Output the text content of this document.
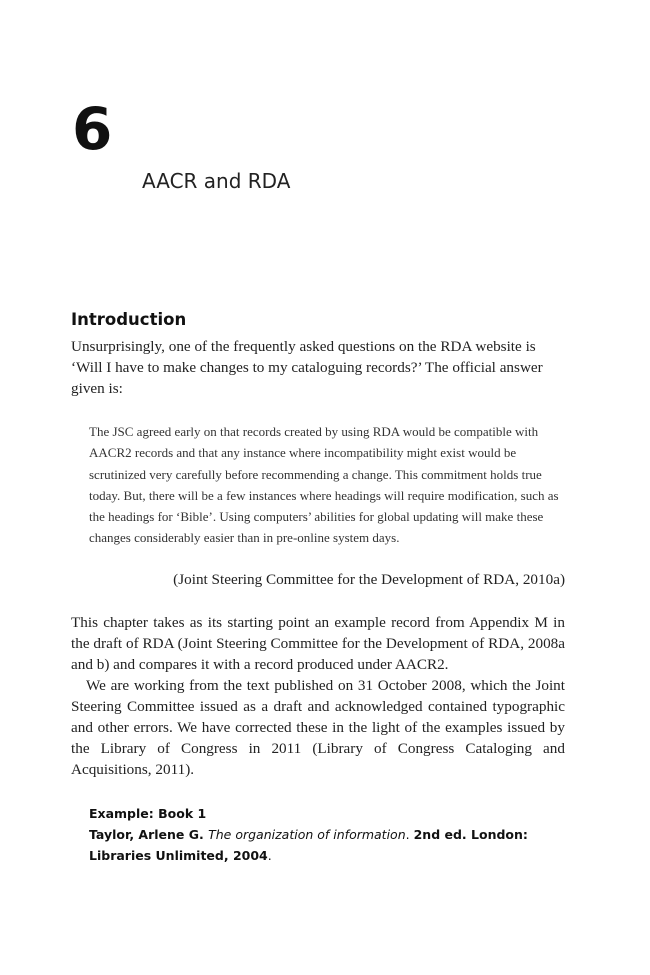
6
AACR and RDA
Introduction

Unsurprisingly, one of the frequently asked questions on the RDA website is ‘Will I have to make changes to my cataloguing records?’ The official answer given is:

The JSC agreed early on that records created by using RDA would be compatible with AACR2 records and that any instance where incompatibility might exist would be scrutinized very carefully before recommending a change. This commitment holds true today. But, there will be a few instances where headings will require modification, such as the headings for ‘Bible’. Using computers’ abilities for global updating will make these changes considerably easier than in pre-online system days.

(Joint Steering Committee for the Development of RDA, 2010a)

This chapter takes as its starting point an example record from Appendix M in the draft of RDA (Joint Steering Committee for the Development of RDA, 2008a and b) and compares it with a record produced under AACR2.

We are working from the text published on 31 October 2008, which the Joint Steering Committee issued as a draft and acknowledged contained typographic and other errors. We have corrected these in the light of the examples issued by the Library of Congress in 2011 (Library of Congress Cataloging and Acquisitions, 2011).

Example: Book 1
Taylor, Arlene G. The organization of information. 2nd ed. London: Libraries Unlimited, 2004.
